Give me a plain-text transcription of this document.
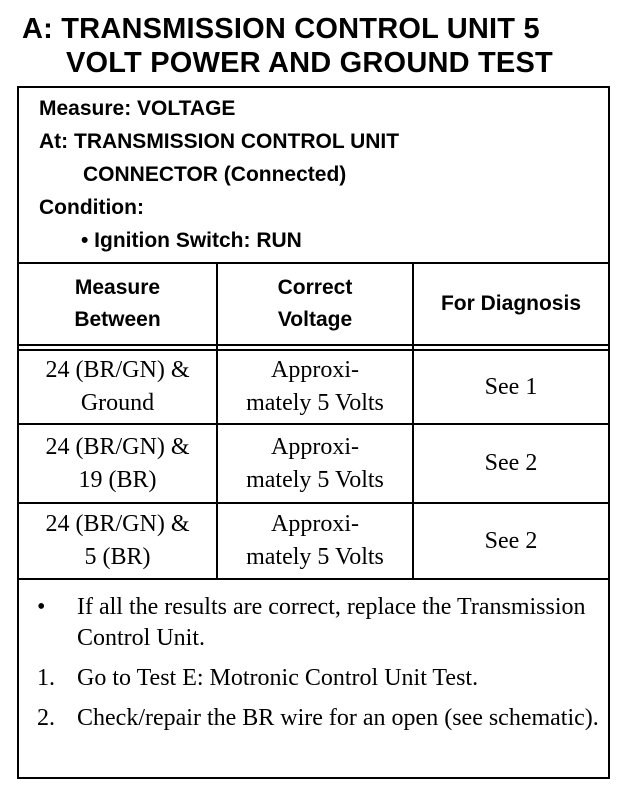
A: TRANSMISSION CONTROL UNIT 5
VOLT POWER AND GROUND TEST
Measure: VOLTAGE
At: TRANSMISSION CONTROL UNIT
CONNECTOR (Connected)
Condition:
• Ignition Switch: RUN
Measure
Between
Correct
Voltage
For Diagnosis
24 (BR/GN) &
Ground
Approxi-
mately 5 Volts
See 1
24 (BR/GN) &
19 (BR)
Approxi-
mately 5 Volts
See 2
24 (BR/GN) &
5 (BR)
Approxi-
mately 5 Volts
See 2
•	If all the results are correct, replace the Transmission Control Unit.
1. Go to Test E: Motronic Control Unit Test.
2. Check/repair the BR wire for an open (see schematic).
